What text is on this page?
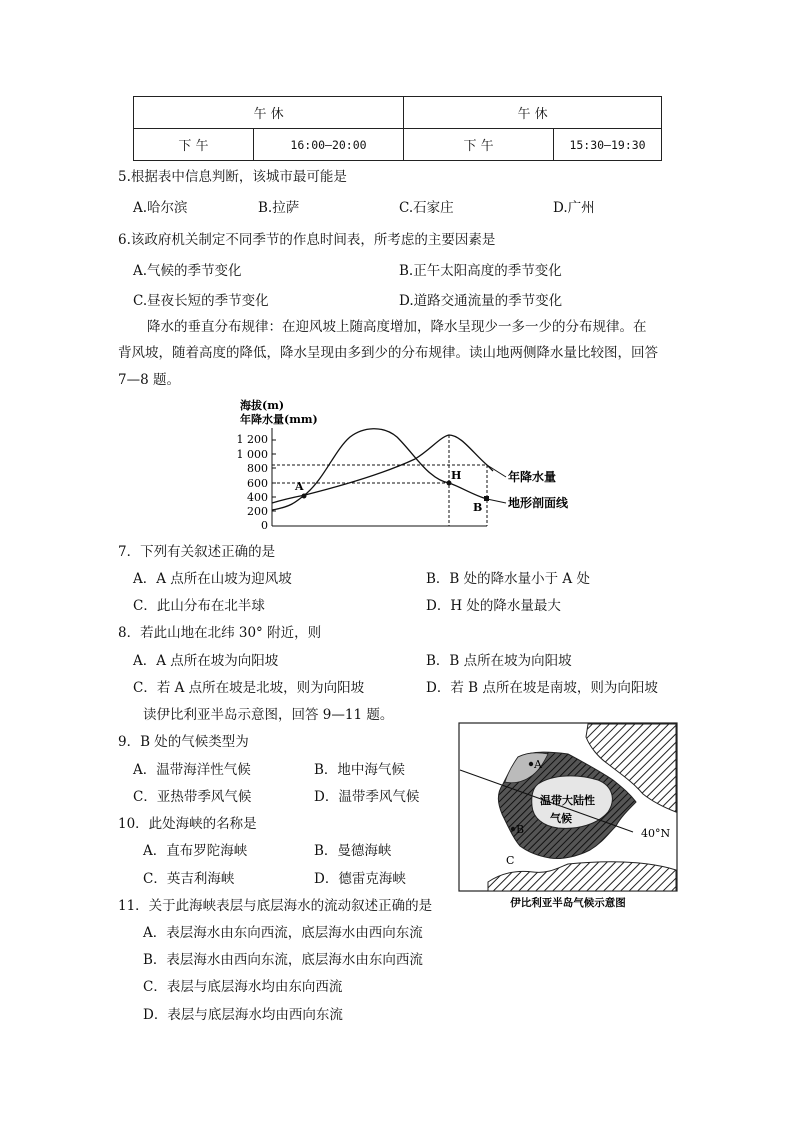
午 休		午 休	
下 午	16:00—20:00	下 午	15:30—19:30
5.根据表中信息判断，该城市最可能是
A.哈尔滨	B.拉萨	C.石家庄	D.广州
6.该政府机关制定不同季节的作息时间表，所考虑的主要因素是
A.气候的季节变化	B.正午太阳高度的季节变化
C.昼夜长短的季节变化	D.道路交通流量的季节变化
降水的垂直分布规律：在迎风坡上随高度增加，降水呈现少一多一少的分布规律。在
背风坡，随着高度的降低，降水呈现由多到少的分布规律。读山地两侧降水量比较图，回答
7—8 题。
海拔(m)
年降水量(mm)
1 200
1 000
800
600
400
200
0
A
H
B
年降水量
地形剖面线
7．下列有关叙述正确的是
A．A 点所在山坡为迎风坡	B．B 处的降水量小于 A 处
C．此山分布在北半球	D．H 处的降水量最大
8．若此山地在北纬 30° 附近，则
A．A 点所在坡为向阳坡	B．B 点所在坡为向阳坡
C．若 A 点所在坡是北坡，则为向阳坡	D．若 B 点所在坡是南坡，则为向阳坡
读伊比利亚半岛示意图，回答 9—11 题。
9．B 处的气候类型为
A．温带海洋性气候	B．地中海气候
C．亚热带季风气候	D．温带季风气候
10．此处海峡的名称是
A．直布罗陀海峡	B．曼德海峡
C．英吉利海峡	D．德雷克海峡
11．关于此海峡表层与底层海水的流动叙述正确的是
A．表层海水由东向西流，底层海水由西向东流
B．表层海水由西向东流，底层海水由东向西流
C．表层与底层海水均由东向西流
D．表层与底层海水均由西向东流
A
B
C
温带大陆性
气候
40°N
伊比利亚半岛气候示意图
